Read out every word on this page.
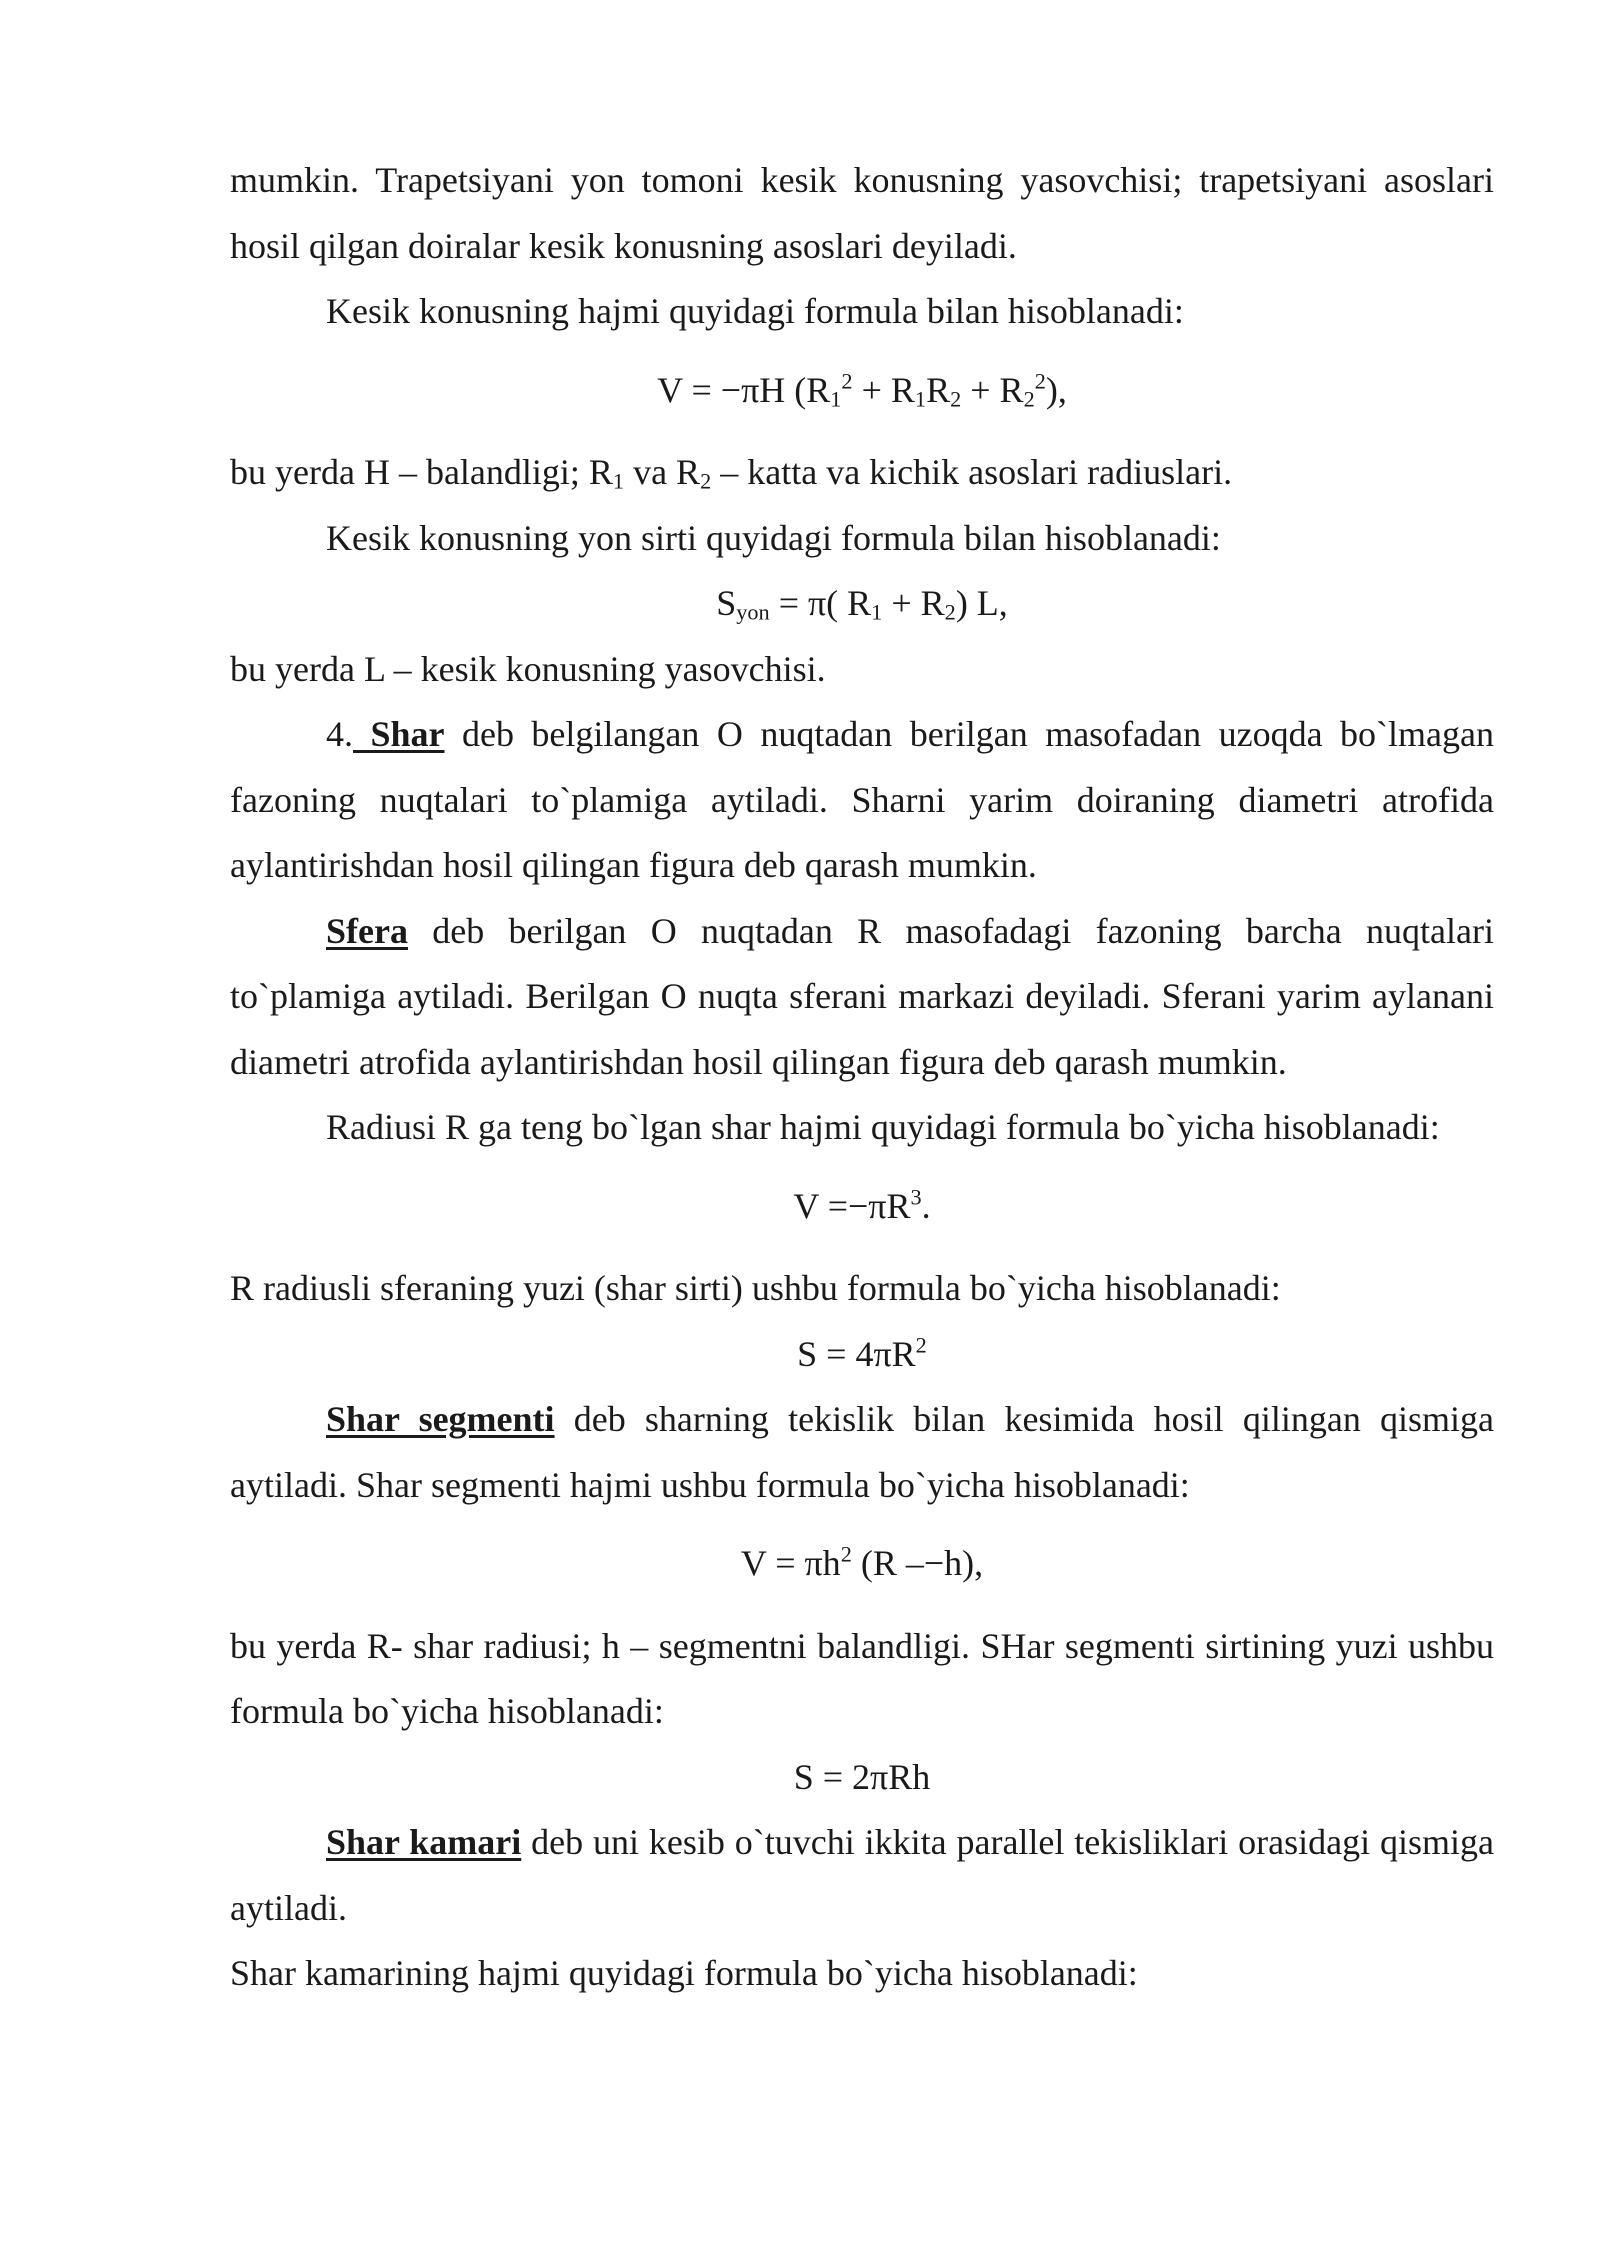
mumkin. Trapetsiyani yon tomoni kesik konusning yasovchisi; trapetsiyani asoslari

hosil qilgan doiralar kesik konusning asoslari deyiladi.

Kesik konusning hajmi quyidagi formula bilan hisoblanadi:

V = −πH $(R_1^2 + R_1R_2 + R_2^2)$,

bu yerda H – balandligi; $R_1$ va $R_2$ – katta va kichik asoslari radiuslari.

Kesik konusning yon sirti quyidagi formula bilan hisoblanadi:

$S_{yon} = \pi$( $R_1 + R_2$) L,

bu yerda L – kesik konusning yasovchisi.

4. Shar deb belgilangan O nuqtadan berilgan masofadan uzoqda bo`lmagan fazoning nuqtalari to`plamiga aytiladi. Sharni yarim doiraning diametri atrofida aylantirishdan hosil qilingan figura deb qarash mumkin.

Sfera deb berilgan O nuqtadan R masofadagi fazoning barcha nuqtalari to`plamiga aytiladi. Berilgan O nuqta sferani markazi deyiladi. Sferani yarim aylanani diametri atrofida aylantirishdan hosil qilingan figura deb qarash mumkin.

Radiusi R ga teng bo`lgan shar hajmi quyidagi formula bo`yicha hisoblanadi:

$V =-\pi R^3$.

R radiusli sferaning yuzi (shar sirti) ushbu formula bo`yicha hisoblanadi:

$S = 4\pi R^2$

Shar segmenti deb sharning tekislik bilan kesimida hosil qilingan qismiga aytiladi. Shar segmenti hajmi ushbu formula bo`yicha hisoblanadi:

$V = \pi h^2$ (R –−h),

bu yerda R- shar radiusi; h – segmentni balandligi. SHar segmenti sirtining yuzi ushbu formula bo`yicha hisoblanadi:

S = 2πRh

Shar kamari deb uni kesib o`tuvchi ikkita parallel tekisliklari orasidagi qismiga aytiladi.

Shar kamarining hajmi quyidagi formula bo`yicha hisoblanadi:
